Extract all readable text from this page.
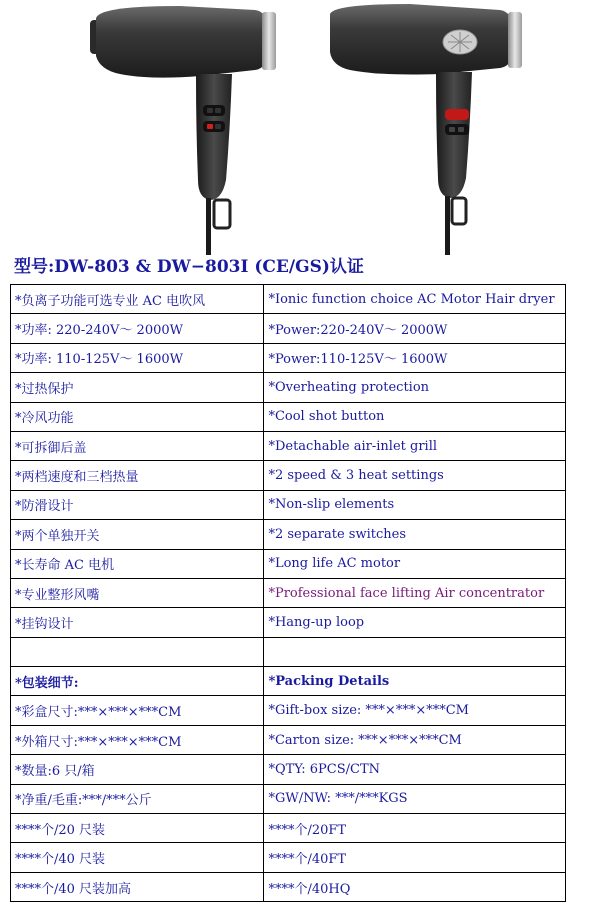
型号:DW-803 & DW−803I (CE/GS)认证
*负离子功能可选专业 AC 电吹风	*Ionic function choice AC Motor Hair dryer
*功率: 220-240V～ 2000W	*Power:220-240V～ 2000W
*功率: 110-125V～ 1600W	*Power:110-125V～ 1600W
*过热保护	*Overheating protection
*冷风功能	*Cool shot button
*可拆御后盖	*Detachable air-inlet grill
*两档速度和三档热量	*2 speed & 3 heat settings
*防滑设计	*Non-slip elements
*两个单独开关	*2 separate switches
*长寿命 AC 电机	*Long life AC motor
*专业整形风嘴	*Professional face lifting Air concentrator
*挂钩设计	*Hang-up loop

*包装细节:	*Packing Details
*彩盒尺寸:***×***×***CM	*Gift-box size: ***×***×***CM
*外箱尺寸:***×***×***CM	*Carton size: ***×***×***CM
*数量:6 只/箱	*QTY: 6PCS/CTN
*净重/毛重:***/***公斤	*GW/NW: ***/***KGS
****个/20 尺装	****个/20FT
****个/40 尺装	****个/40FT
****个/40 尺装加高	****个/40HQ
